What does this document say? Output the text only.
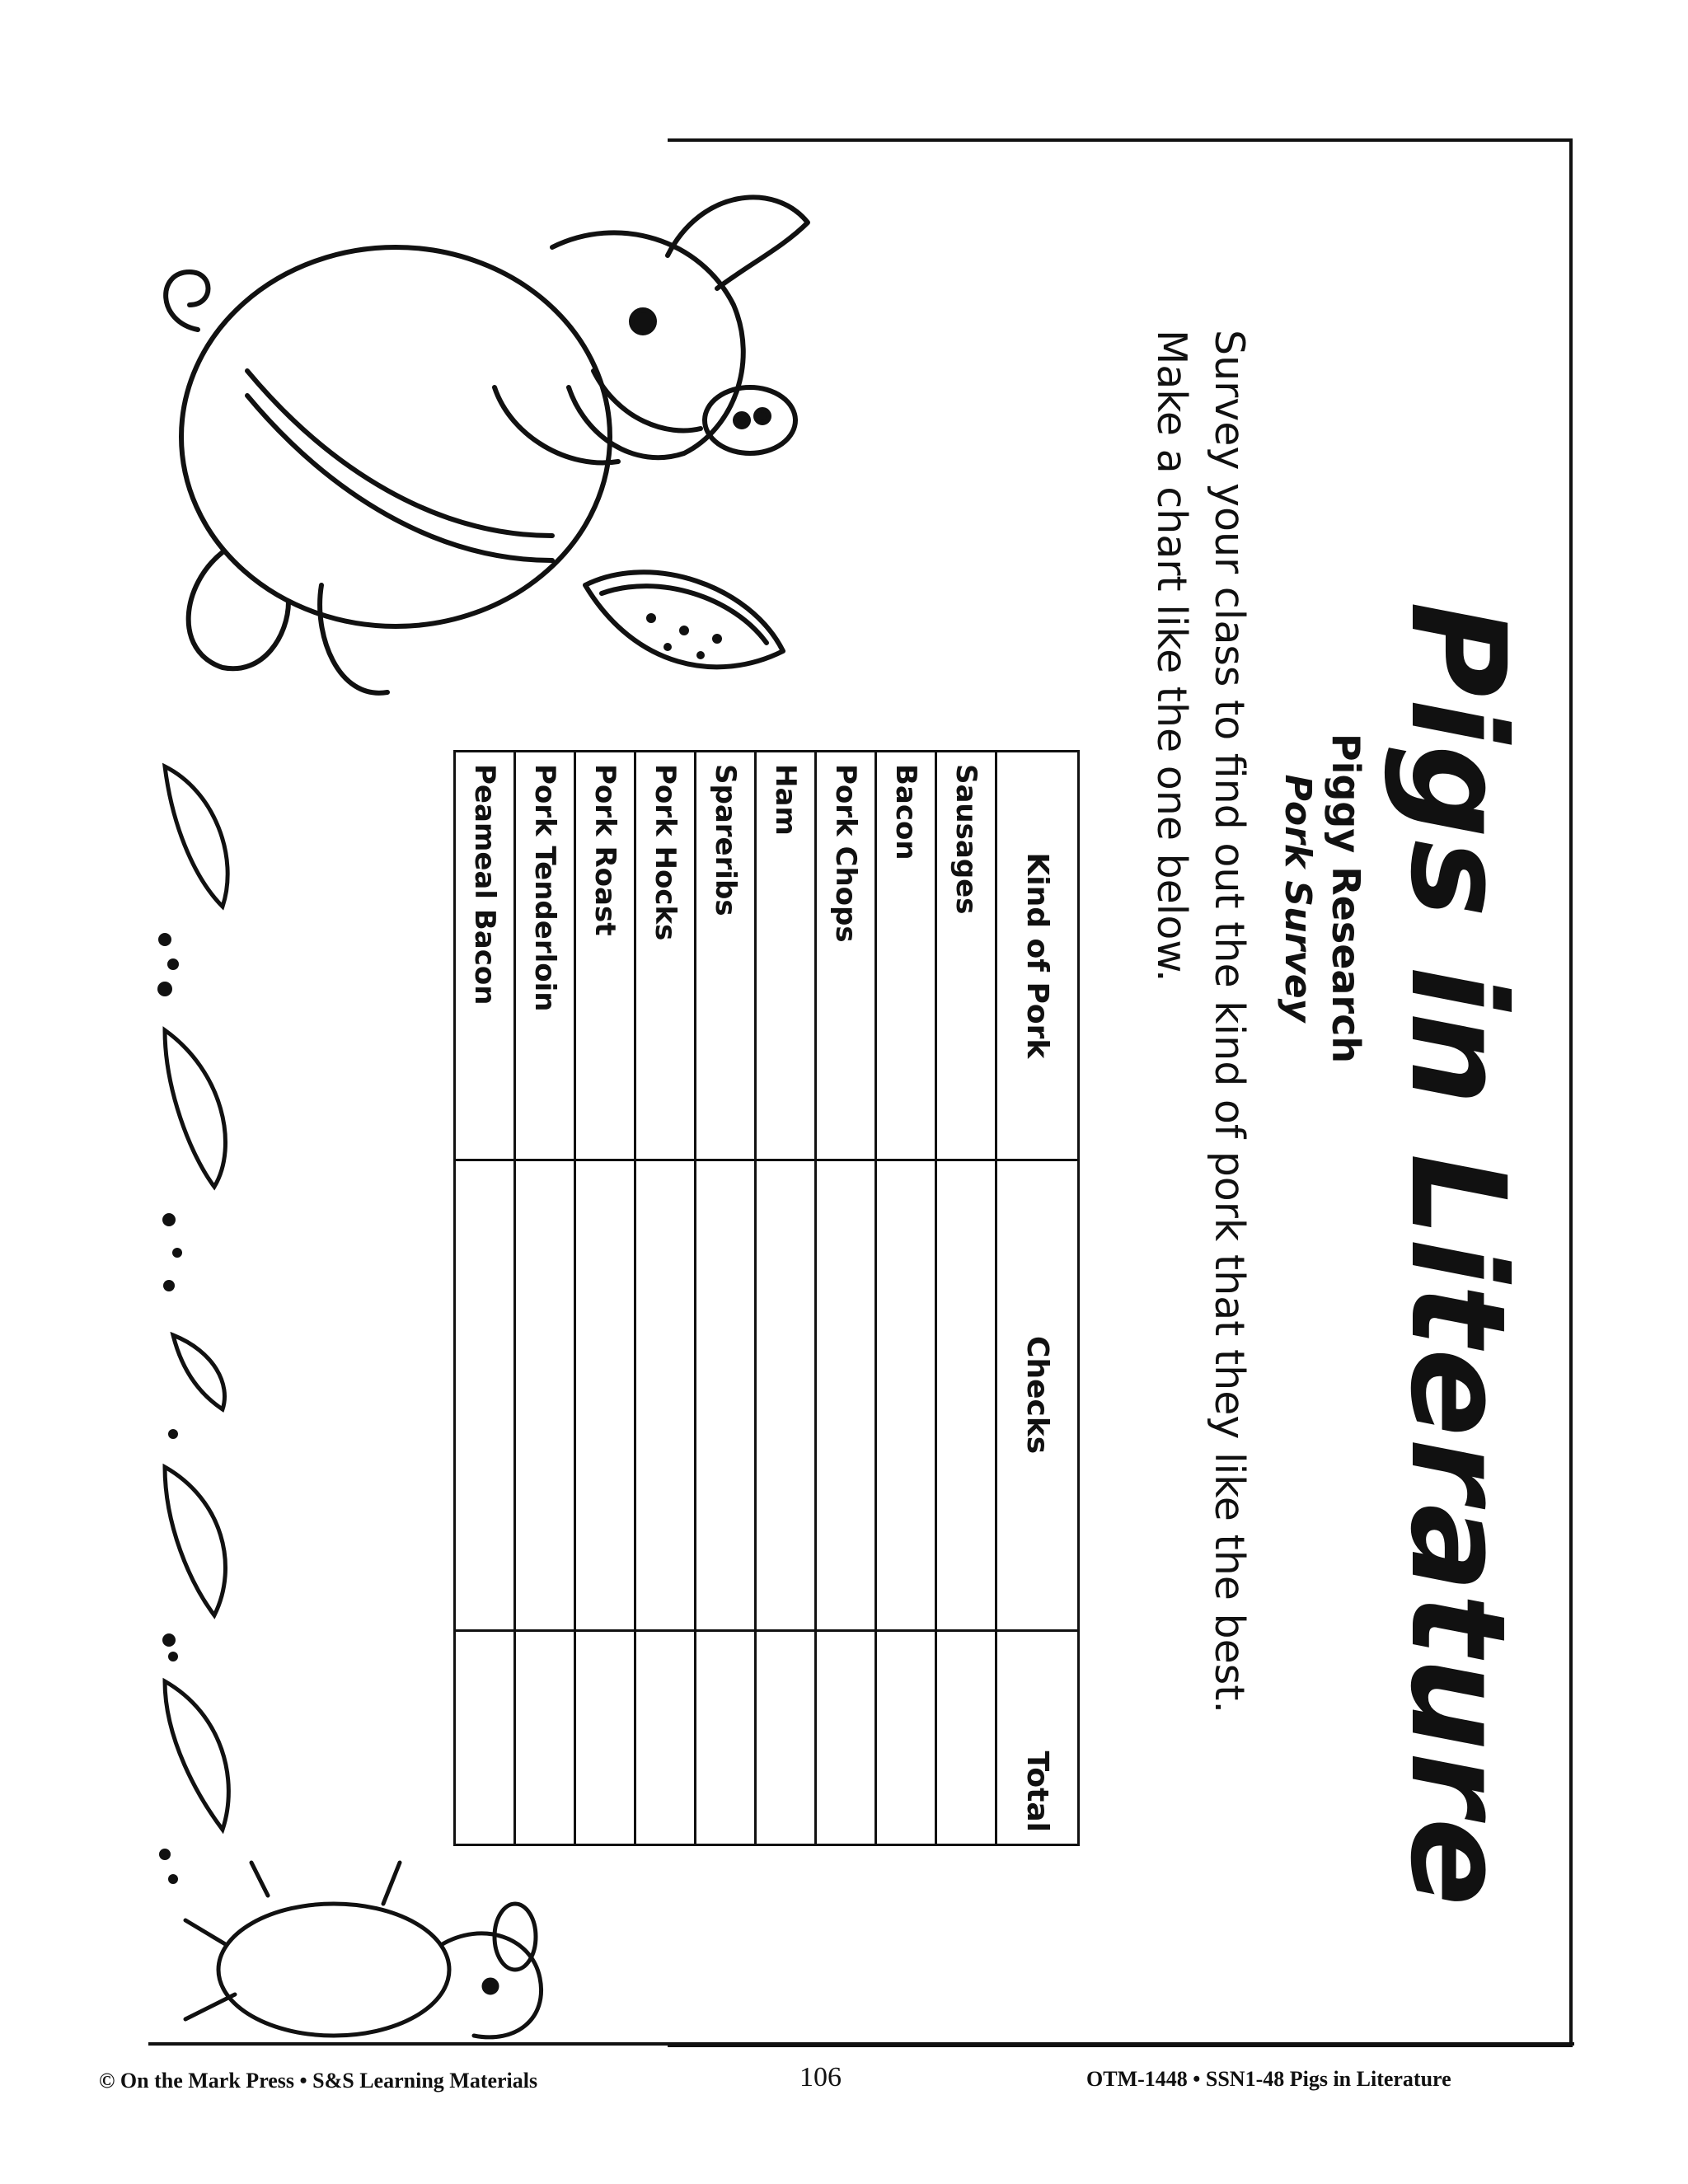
Pigs in Literature
Piggy Research
Pork Survey
Survey your class to find out the kind of pork that they like the best.
Make a chart like the one below.
Kind of Pork	Checks	Total
Sausages		
Bacon		
Pork Chops		
Ham		
Spareribs		
Pork Hocks		
Pork Roast		
Pork Tenderloin		
Peameal Bacon		
© On the Mark Press • S&S Learning Materials	106	OTM-1448 • SSN1-48 Pigs in Literature
